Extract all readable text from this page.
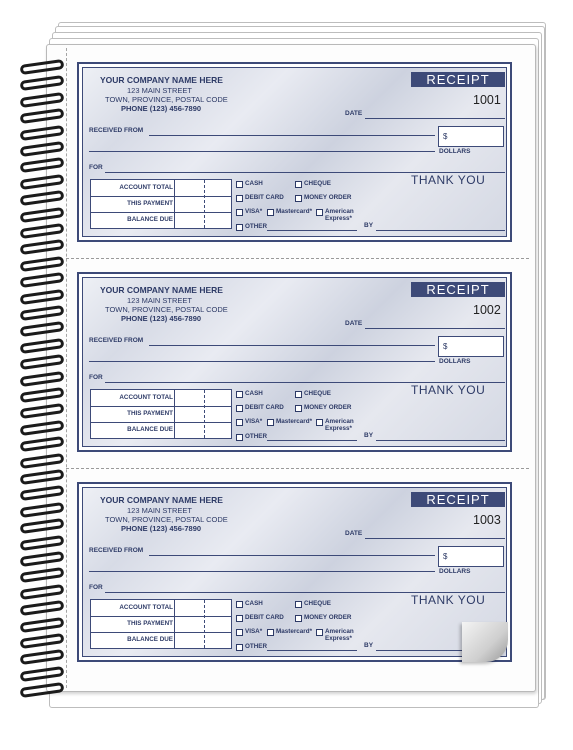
YOUR COMPANY NAME HERE
123 MAIN STREET
TOWN, PROVINCE, POSTAL CODE
PHONE (123) 456-7890
RECEIPT
1001
DATE
RECEIVED FROM
$
DOLLARS
FOR
ACCOUNT TOTAL
THIS PAYMENT
BALANCE DUE
CASH	CHEQUE
DEBIT CARD	MONEY ORDER
VISA* Mastercard* American
Express*
OTHER
THANK YOU
BY
YOUR COMPANY NAME HERE
123 MAIN STREET
TOWN, PROVINCE, POSTAL CODE
PHONE (123) 456-7890
RECEIPT
1002
DATE
RECEIVED FROM
$
DOLLARS
FOR
ACCOUNT TOTAL
THIS PAYMENT
BALANCE DUE
CASH	CHEQUE
DEBIT CARD	MONEY ORDER
VISA* Mastercard* American
Express*
OTHER
THANK YOU
BY
YOUR COMPANY NAME HERE
123 MAIN STREET
TOWN, PROVINCE, POSTAL CODE
PHONE (123) 456-7890
RECEIPT
1003
DATE
RECEIVED FROM
$
DOLLARS
FOR
ACCOUNT TOTAL
THIS PAYMENT
BALANCE DUE
CASH	CHEQUE
DEBIT CARD	MONEY ORDER
VISA* Mastercard* American
Express*
OTHER
THANK YOU
BY
